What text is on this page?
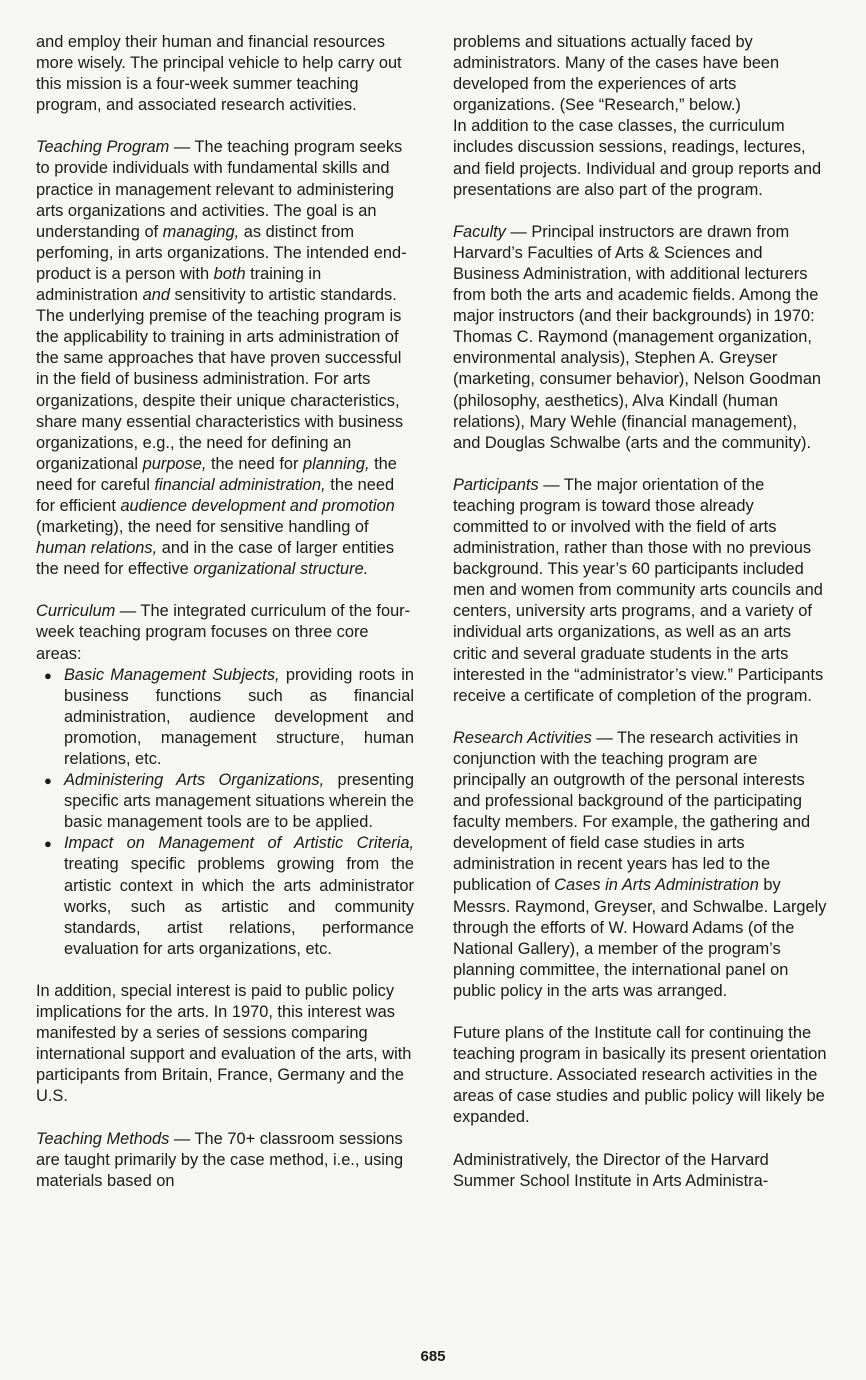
and employ their human and financial resources more wisely. The principal vehicle to help carry out this mission is a four-week summer teaching program, and associated research activities.

Teaching Program — The teaching program seeks to provide individuals with fundamental skills and practice in management relevant to administering arts organizations and activities. The goal is an understanding of managing, as distinct from perfoming, in arts organizations. The intended end-product is a person with both training in administration and sensitivity to artistic standards. The underlying premise of the teaching program is the applicability to training in arts administration of the same approaches that have proven successful in the field of business administration. For arts organizations, despite their unique characteristics, share many essential characteristics with business organizations, e.g., the need for defining an organizational purpose, the need for planning, the need for careful financial administration, the need for efficient audience development and promotion (marketing), the need for sensitive handling of human relations, and in the case of larger entities the need for effective organizational structure.

Curriculum — The integrated curriculum of the four-week teaching program focuses on three core areas:

● Basic Management Subjects, providing roots in business functions such as financial administration, audience development and promotion, management structure, human relations, etc.
● Administering Arts Organizations, presenting specific arts management situations wherein the basic management tools are to be applied.
● Impact on Management of Artistic Criteria, treating specific problems growing from the artistic context in which the arts administrator works, such as artistic and community standards, artist relations, performance evaluation for arts organizations, etc.

In addition, special interest is paid to public policy implications for the arts. In 1970, this interest was manifested by a series of sessions comparing international support and evaluation of the arts, with participants from Britain, France, Germany and the U.S.

Teaching Methods — The 70+ classroom sessions are taught primarily by the case method, i.e., using materials based on

problems and situations actually faced by administrators. Many of the cases have been developed from the experiences of arts organizations. (See “Research,” below.)

In addition to the case classes, the curriculum includes discussion sessions, readings, lectures, and field projects. Individual and group reports and presentations are also part of the program.

Faculty — Principal instructors are drawn from Harvard’s Faculties of Arts & Sciences and Business Administration, with additional lecturers from both the arts and academic fields. Among the major instructors (and their backgrounds) in 1970: Thomas C. Raymond (management organization, environmental analysis), Stephen A. Greyser (marketing, consumer behavior), Nelson Goodman (philosophy, aesthetics), Alva Kindall (human relations), Mary Wehle (financial management), and Douglas Schwalbe (arts and the community).

Participants — The major orientation of the teaching program is toward those already committed to or involved with the field of arts administration, rather than those with no previous background. This year’s 60 participants included men and women from community arts councils and centers, university arts programs, and a variety of individual arts organizations, as well as an arts critic and several graduate students in the arts interested in the “administrator’s view.” Participants receive a certificate of completion of the program.

Research Activities — The research activities in conjunction with the teaching program are principally an outgrowth of the personal interests and professional background of the participating faculty members. For example, the gathering and development of field case studies in arts administration in recent years has led to the publication of Cases in Arts Administration by Messrs. Raymond, Greyser, and Schwalbe. Largely through the efforts of W. Howard Adams (of the National Gallery), a member of the program’s planning committee, the international panel on public policy in the arts was arranged.

Future plans of the Institute call for continuing the teaching program in basically its present orientation and structure. Associated research activities in the areas of case studies and public policy will likely be expanded.

Administratively, the Director of the Harvard Summer School Institute in Arts Administra-

685
